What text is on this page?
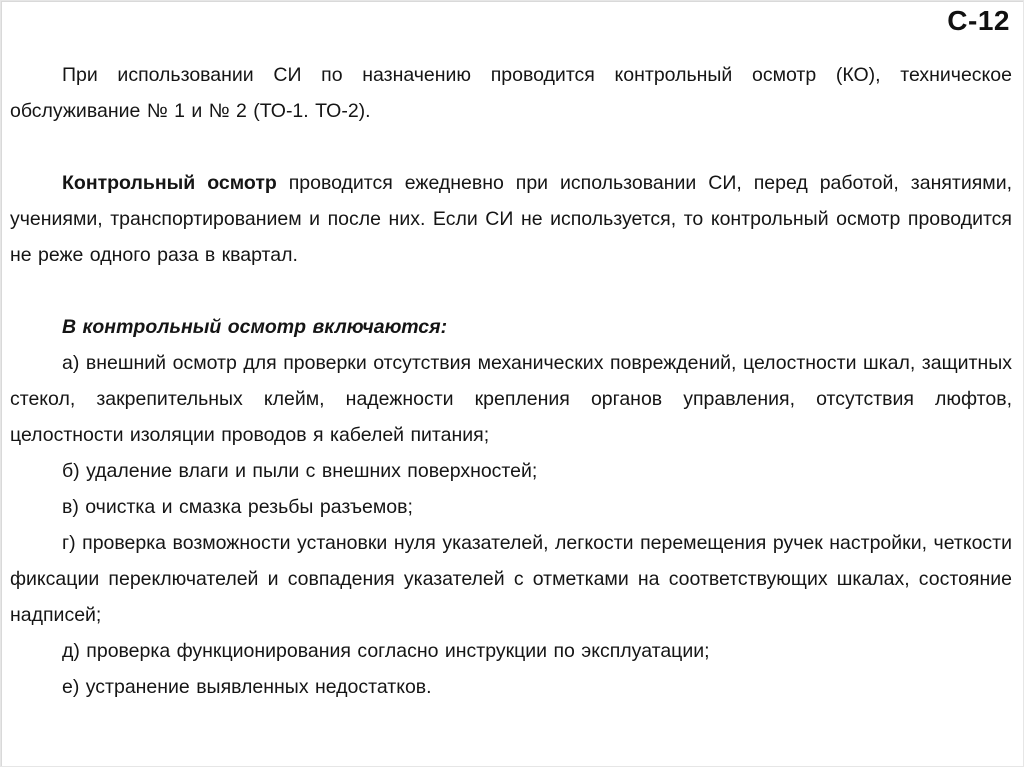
С-12

При использовании СИ по назначению проводится контрольный осмотр (КО), техническое обслуживание № 1 и № 2 (ТО-1. ТО-2).

Контрольный осмотр проводится ежедневно при использовании СИ, перед работой, занятиями, учениями, транспортированием и после них. Если СИ не используется, то контрольный осмотр проводится не реже одного раза в квартал.

В контрольный осмотр включаются:

а) внешний осмотр для проверки отсутствия механических повреждений, целостности шкал, защитных стекол, закрепительных клейм, надежности крепления органов управления, отсутствия люфтов, целостности изоляции проводов я кабелей питания;

б) удаление влаги и пыли с внешних поверхностей;

в) очистка и смазка резьбы разъемов;

г) проверка возможности установки нуля указателей, легкости перемещения ручек настройки, четкости фиксации переключателей и совпадения указателей с отметками на соответствующих шкалах, состояние надписей;

д) проверка функционирования согласно инструкции по эксплуатации;

е) устранение выявленных недостатков.
